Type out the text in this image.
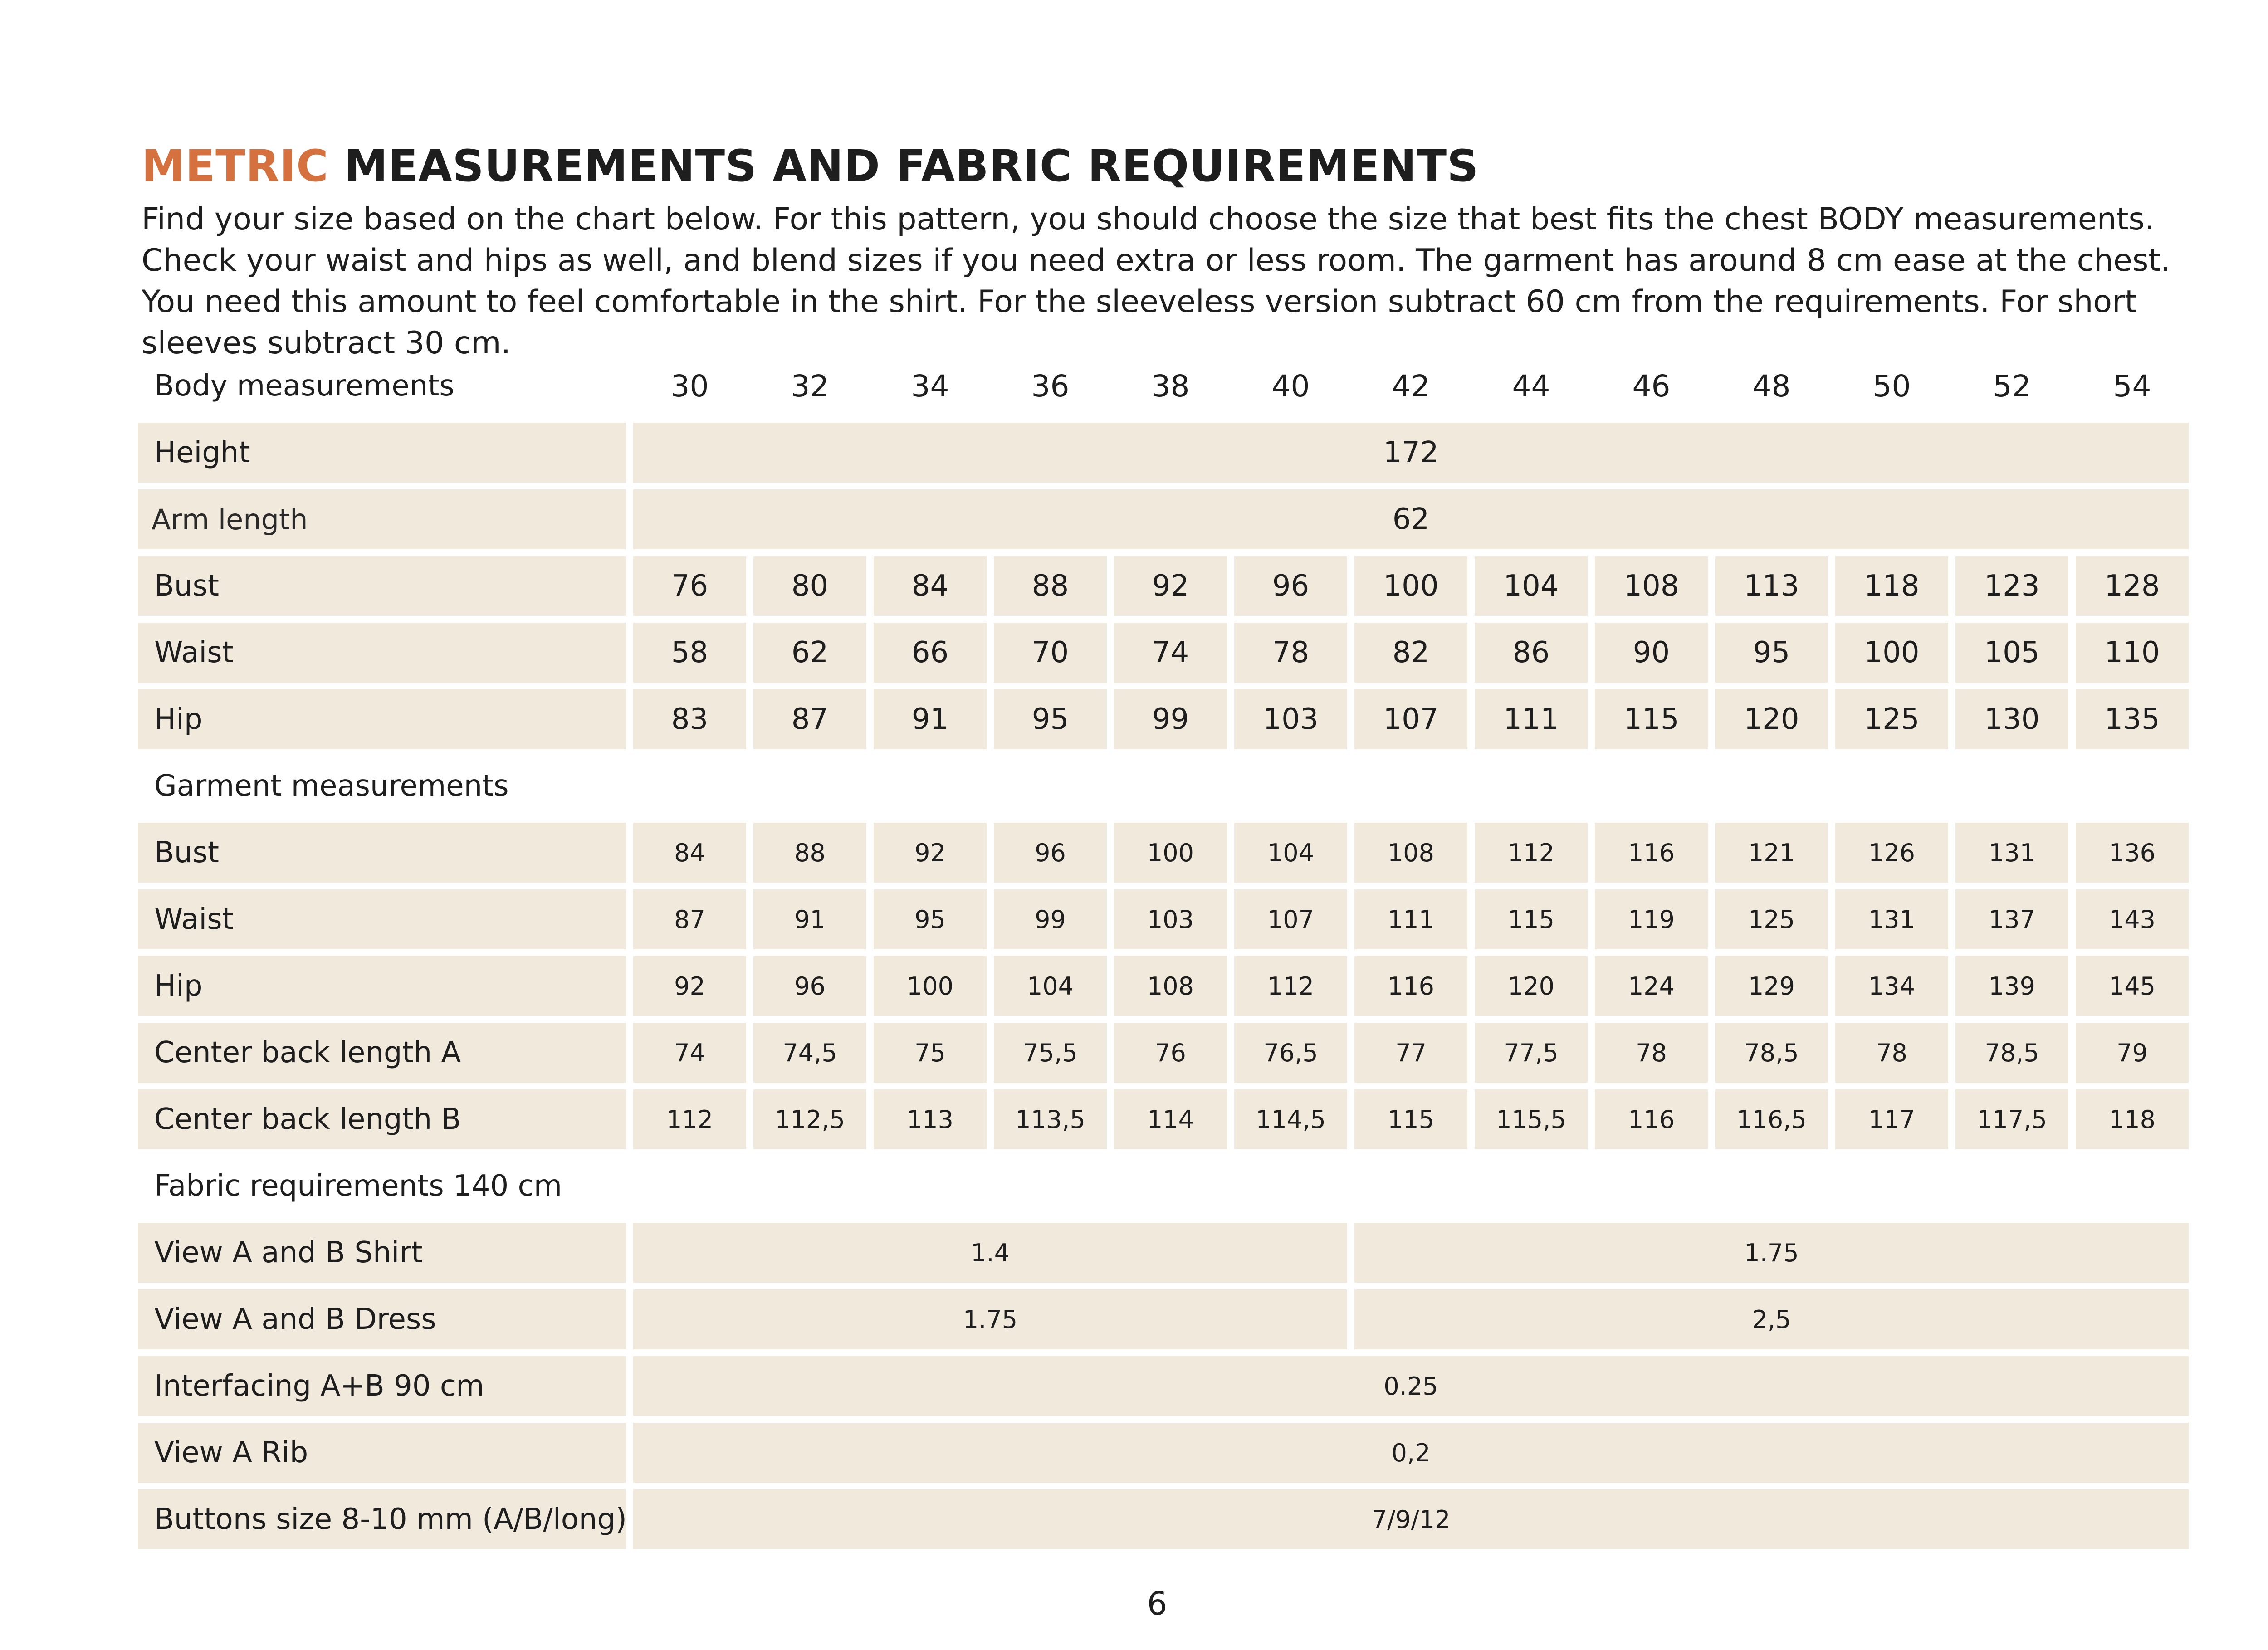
METRIC MEASUREMENTS AND FABRIC REQUIREMENTS

Find your size based on the chart below. For this pattern, you should choose the size that best fits the chest BODY measurements. Check your waist and hips as well, and blend sizes if you need extra or less room. The garment has around 8 cm ease at the chest. You need this amount to feel comfortable in the shirt. For the sleeveless version subtract 60 cm from the requirements. For short sleeves subtract 30 cm.

Body measurements	30	32	34	36	38	40	42	44	46	48	50	52	54
Height	172
Arm length	62
Bust	76	80	84	88	92	96	100	104	108	113	118	123	128
Waist	58	62	66	70	74	78	82	86	90	95	100	105	110
Hip	83	87	91	95	99	103	107	111	115	120	125	130	135
Garment measurements
Bust	84	88	92	96	100	104	108	112	116	121	126	131	136
Waist	87	91	95	99	103	107	111	115	119	125	131	137	143
Hip	92	96	100	104	108	112	116	120	124	129	134	139	145
Center back length A	74	74,5	75	75,5	76	76,5	77	77,5	78	78,5	78	78,5	79
Center back length B	112	112,5	113	113,5	114	114,5	115	115,5	116	116,5	117	117,5	118
Fabric requirements 140 cm
View A and B Shirt	1.4	1.75
View A and B Dress	1.75	2,5
Interfacing A+B 90 cm	0.25
View A Rib	0,2
Buttons size 8-10 mm (A/B/long)	7/9/12
6
